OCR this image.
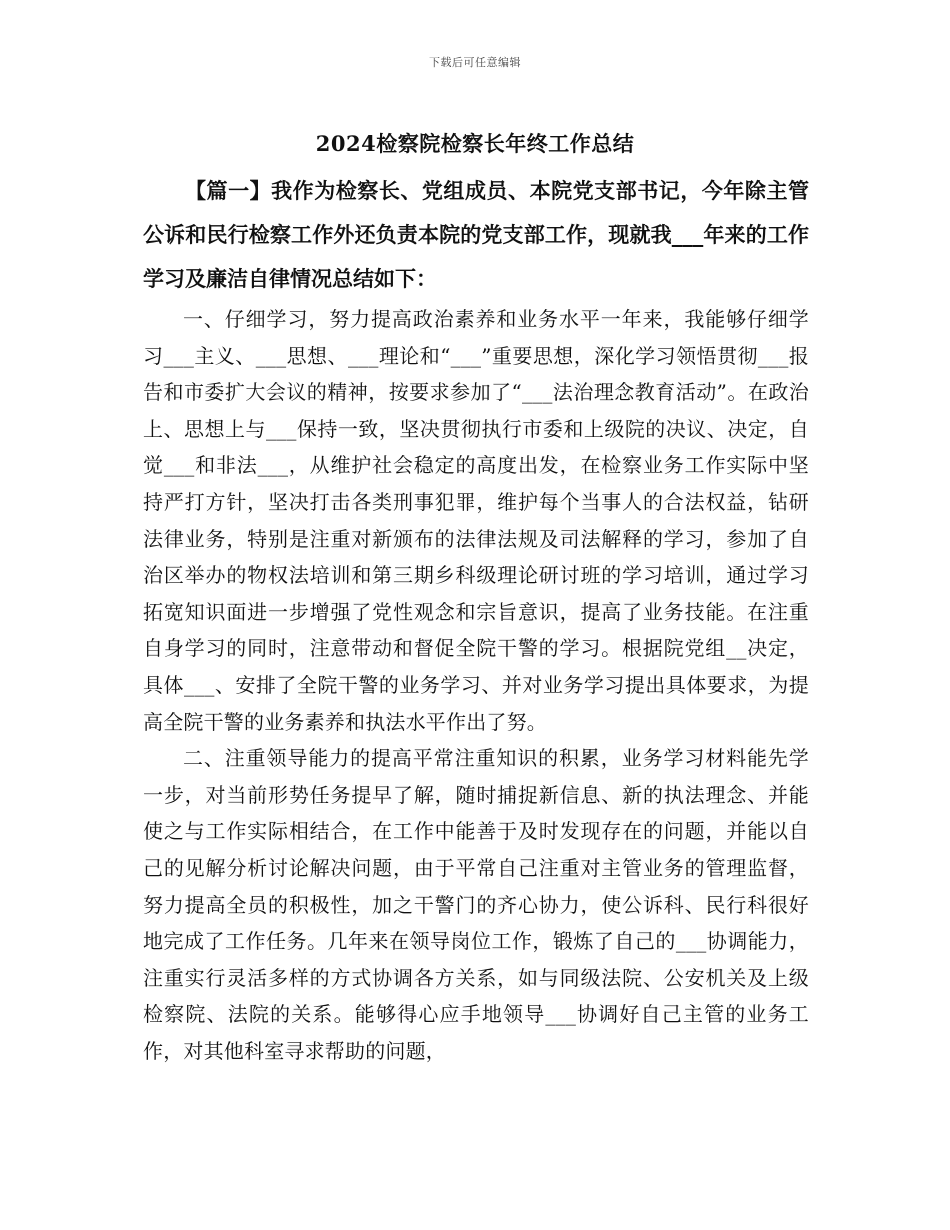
下载后可任意编辑
2024检察院检察长年终工作总结

【篇一】我作为检察长、党组成员、本院党支部书记，今年除主管公诉和民行检察工作外还负责本院的党支部工作，现就我___年来的工作学习及廉洁自律情况总结如下：

一、仔细学习，努力提高政治素养和业务水平一年来，我能够仔细学习___主义、___思想、___理论和“___”重要思想，深化学习领悟贯彻___报告和市委扩大会议的精神，按要求参加了“___法治理念教育活动”。在政治上、思想上与___保持一致，坚决贯彻执行市委和上级院的决议、决定，自觉___和非法___，从维护社会稳定的高度出发，在检察业务工作实际中坚持严打方针，坚决打击各类刑事犯罪，维护每个当事人的合法权益，钻研法律业务，特别是注重对新颁布的法律法规及司法解释的学习，参加了自治区举办的物权法培训和第三期乡科级理论研讨班的学习培训，通过学习拓宽知识面进一步增强了党性观念和宗旨意识，提高了业务技能。在注重自身学习的同时，注意带动和督促全院干警的学习。根据院党组__决定，具体___、安排了全院干警的业务学习、并对业务学习提出具体要求，为提高全院干警的业务素养和执法水平作出了努。

二、注重领导能力的提高平常注重知识的积累，业务学习材料能先学一步，对当前形势任务提早了解，随时捕捉新信息、新的执法理念、并能使之与工作实际相结合，在工作中能善于及时发现存在的问题，并能以自己的见解分析讨论解决问题，由于平常自己注重对主管业务的管理监督，努力提高全员的积极性，加之干警门的齐心协力，使公诉科、民行科很好地完成了工作任务。几年来在领导岗位工作，锻炼了自己的___协调能力，注重实行灵活多样的方式协调各方关系，如与同级法院、公安机关及上级检察院、法院的关系。能够得心应手地领导___协调好自己主管的业务工作，对其他科室寻求帮助的问题，
